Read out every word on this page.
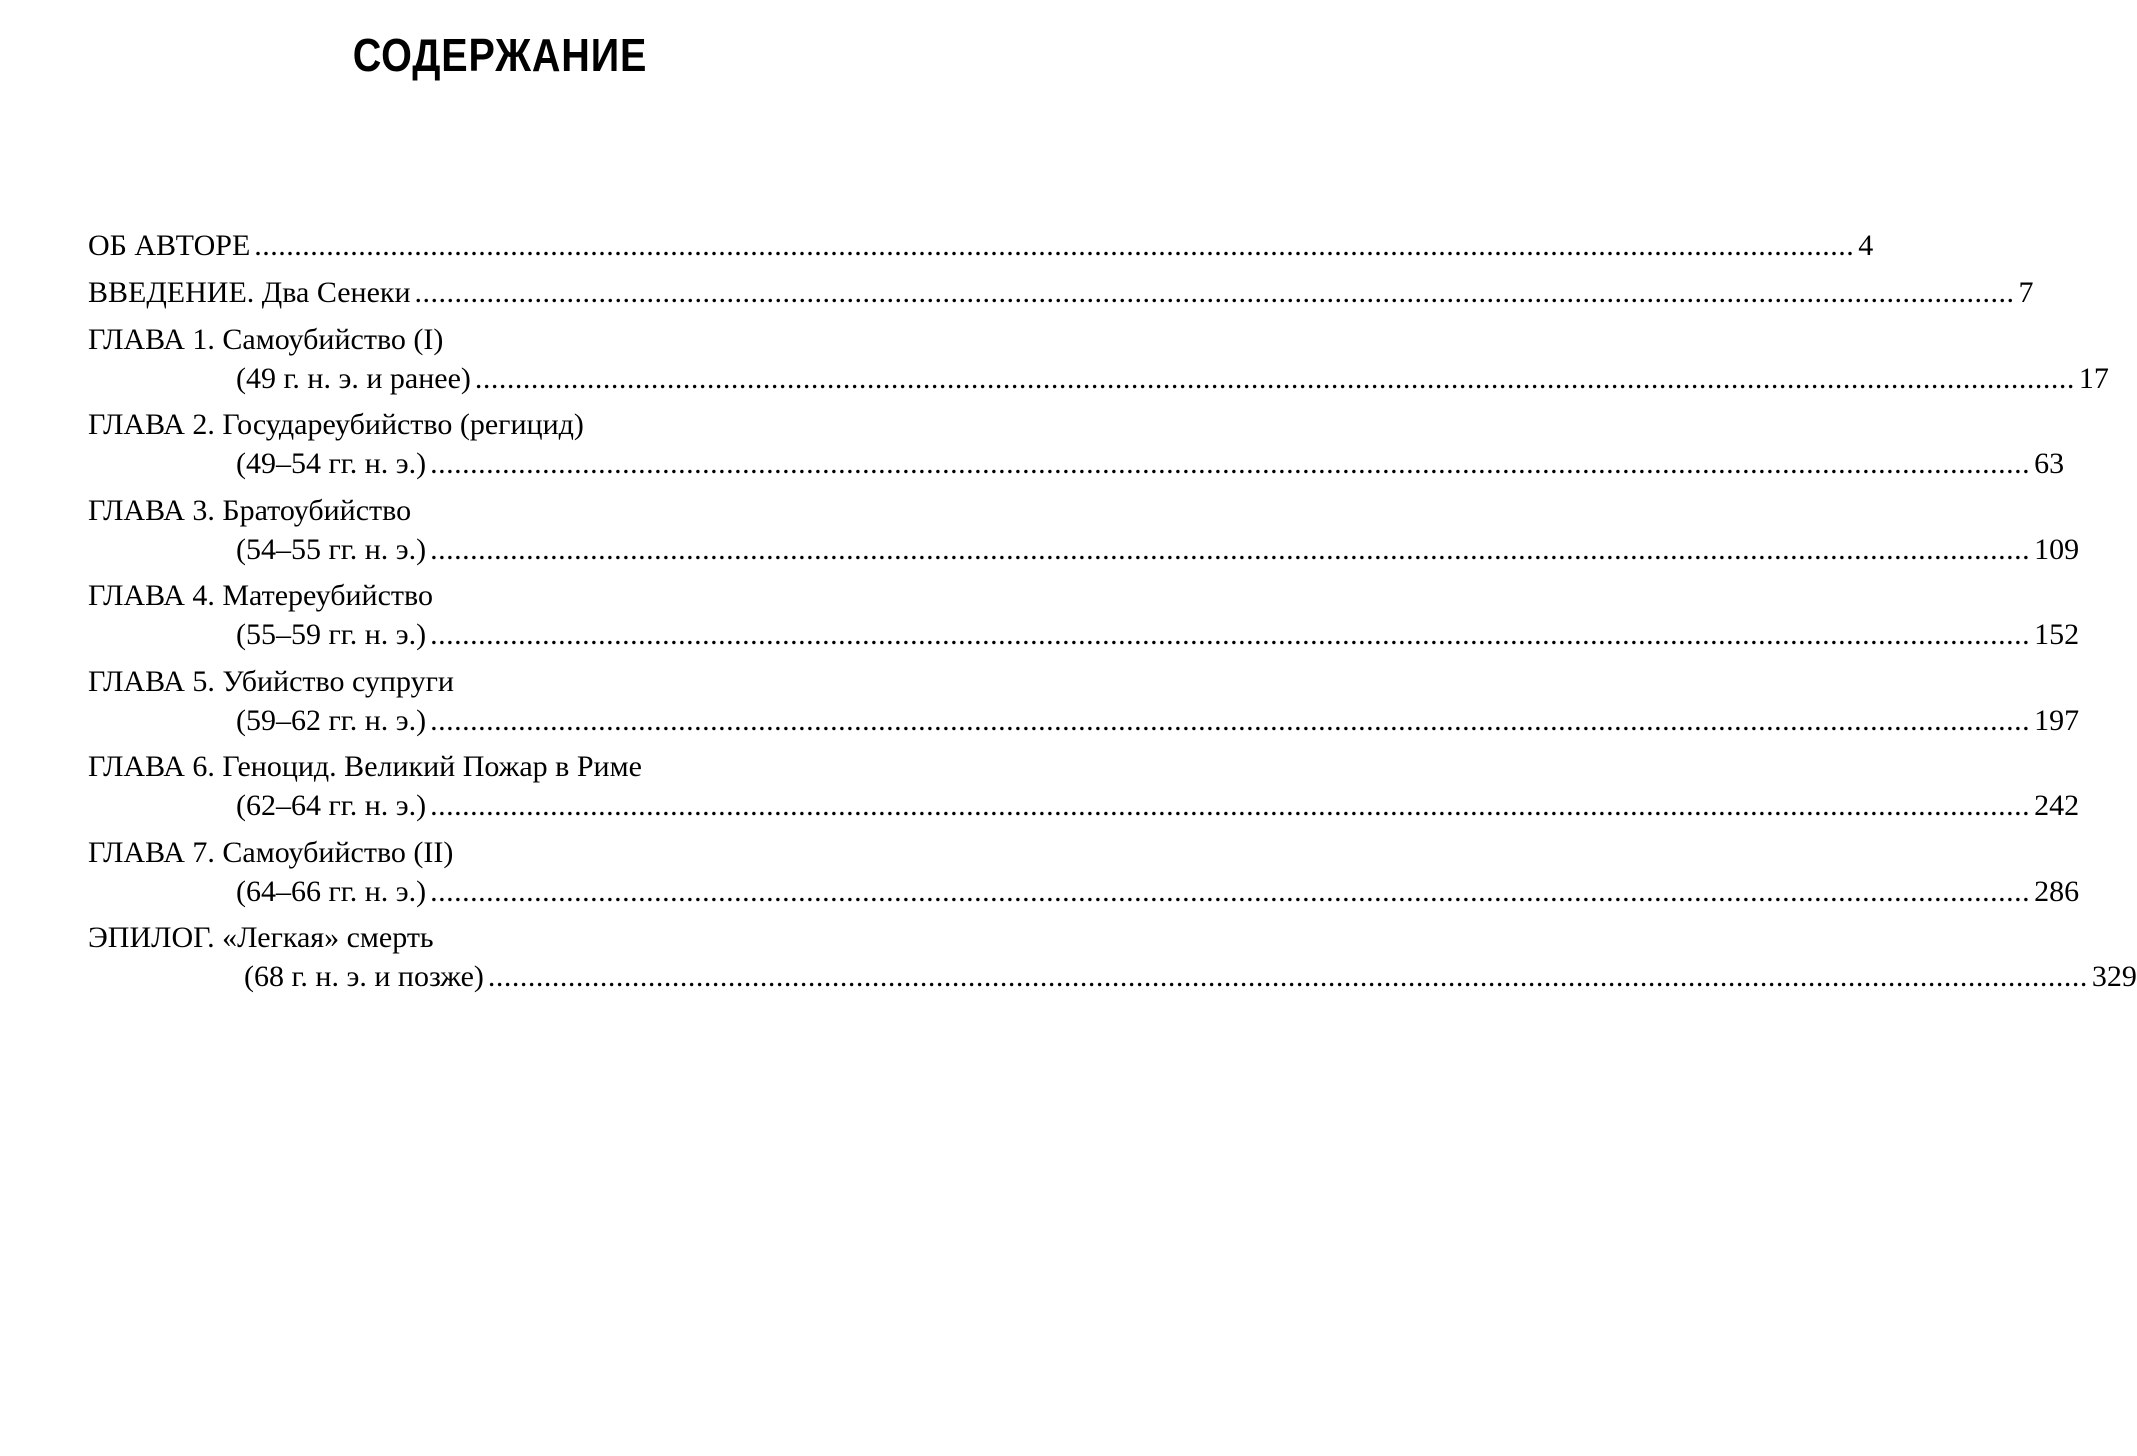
СОДЕРЖАНИЕ
ОБ АВТОРЕ ........................................................................................................................................................................................................ 4
ВВЕДЕНИЕ. Два Сенеки ........................................................................................................................................................................................................ 7
ГЛАВА 1. Самоубийство (I)
(49 г. н. э. и ранее) ........................................................................................................................................................................................................ 17
ГЛАВА 2. Государеубийство (регицид)
(49–54 гг. н. э.) ........................................................................................................................................................................................................ 63
ГЛАВА 3. Братоубийство
(54–55 гг. н. э.) ........................................................................................................................................................................................................ 109
ГЛАВА 4. Матереубийство
(55–59 гг. н. э.) ........................................................................................................................................................................................................ 152
ГЛАВА 5. Убийство супруги
(59–62 гг. н. э.) ........................................................................................................................................................................................................ 197
ГЛАВА 6. Геноцид. Великий Пожар в Риме
(62–64 гг. н. э.) ........................................................................................................................................................................................................ 242
ГЛАВА 7. Самоубийство (II)
(64–66 гг. н. э.) ........................................................................................................................................................................................................ 286
ЭПИЛОГ. «Легкая» смерть
(68 г. н. э. и позже) ........................................................................................................................................................................................................ 329
